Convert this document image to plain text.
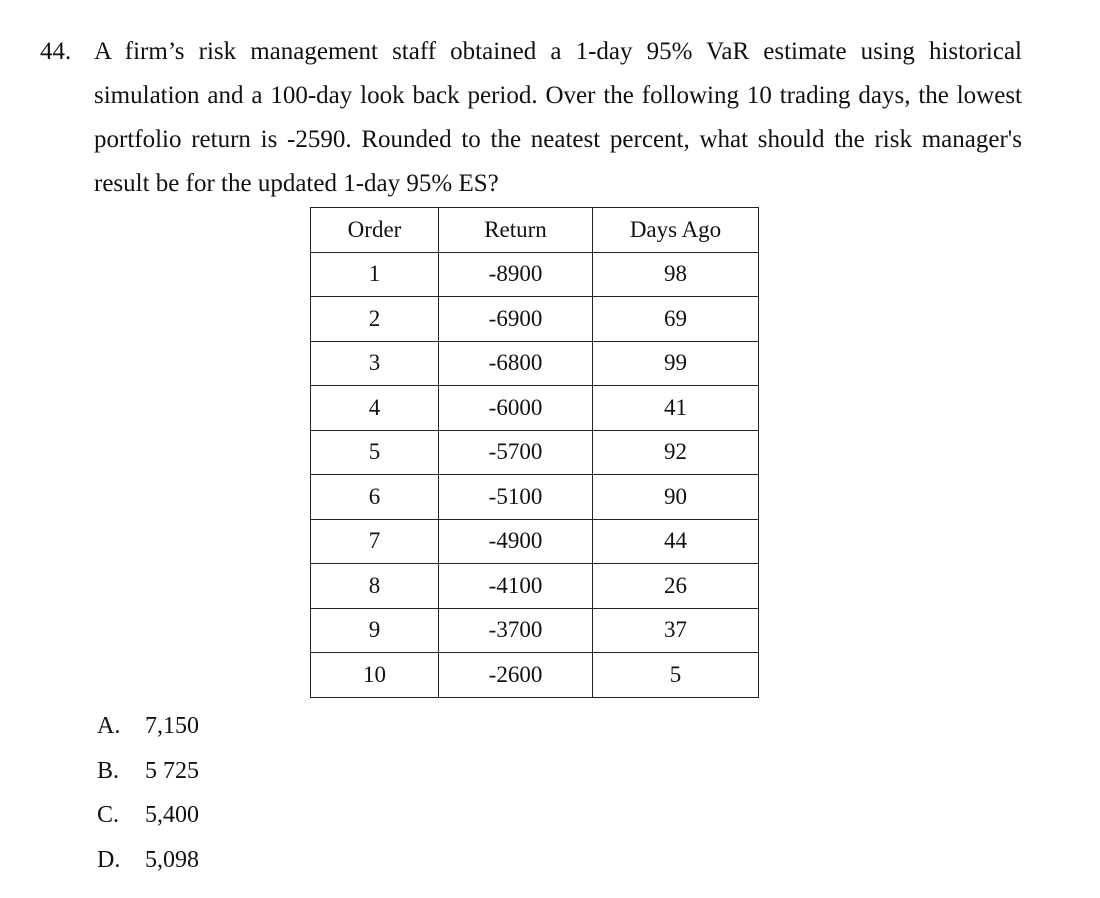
44. A firm’s risk management staff obtained a 1-day 95% VaR estimate using historical simulation and a 100-day look back period. Over the following 10 trading days, the lowest portfolio return is -2590. Rounded to the neatest percent, what should the risk manager's result be for the updated 1-day 95% ES?
Order	Return	Days Ago
1	-8900	98
2	-6900	69
3	-6800	99
4	-6000	41
5	-5700	92
6	-5100	90
7	-4900	44
8	-4100	26
9	-3700	37
10	-2600	5
A. 7,150
B. 5 725
C. 5,400
D. 5,098
